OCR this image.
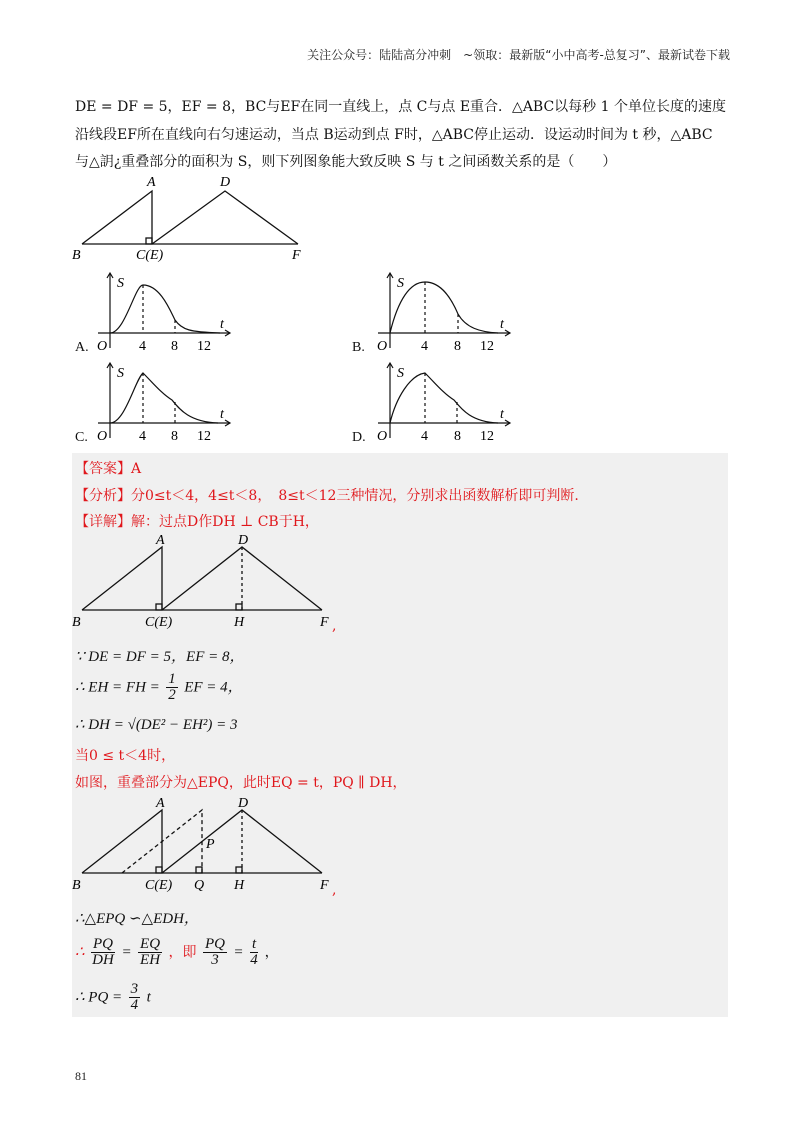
关注公众号：陆陆高分冲刺　~领取：最新版“小中高考-总复习”、最新试卷下载
DE = DF = 5，EF = 8，BC与EF在同一直线上，点 C与点 E重合．△ABC以每秒 1 个单位长度的速度
沿线段EF所在直线向右匀速运动，当点 B运动到点 F时，△ABC停止运动．设运动时间为 t 秒，△ABC
与△䚴¿重叠部分的面积为 S，则下列图象能大致反映 S 与 t 之间函数关系的是（　　）
A	D
B	C(E)	F
S
t
O 4 8 12
A.
S
t
O 4 8 12
B.
S
t
O 4 8 12
C.
S
t
O 4 8 12
D.
【答案】A
【分析】分0≤t＜4，4≤t＜8，　8≤t＜12三种情况，分别求出函数解析即可判断.
【详解】解：过点D作DH ⊥ CB于H，
A	D
B	C(E)	H	F ,
∵ DE = DF = 5，EF = 8，
∴ EH = FH = $\frac{1}{2}$ EF = 4，
∴ DH = √(DE² − EH²) = 3
当0 ≤ t＜4时，
如图，重叠部分为△EPQ，此时EQ = t，PQ ∥ DH，
A	D
P
B	C(E) Q H	F ,
∴△EPQ ∽△EDH，
∴ $\frac{PQ}{DH} = \frac{EQ}{EH}$ ，即 $\frac{PQ}{3} = \frac{t}{4}$ ，
∴ PQ = $\frac{3}{4}$ t
81
